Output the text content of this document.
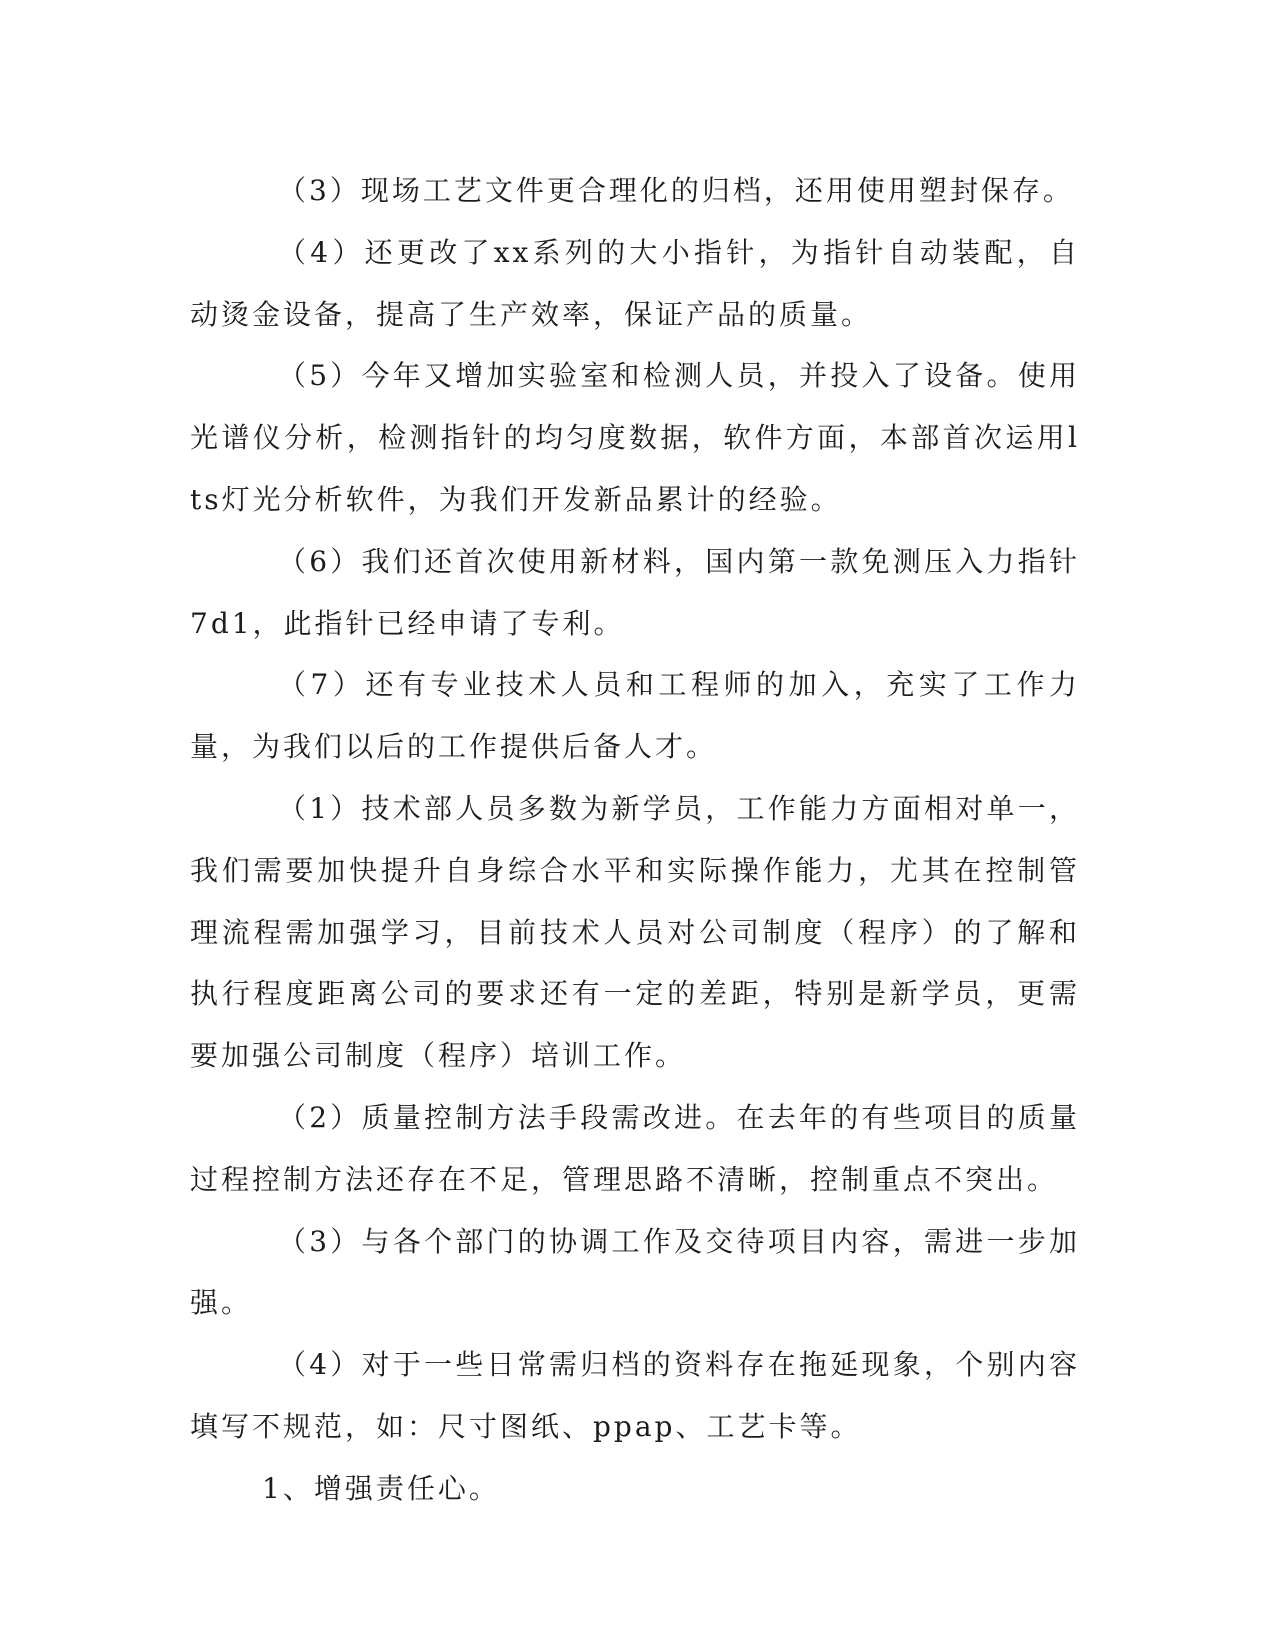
（3）现场工艺文件更合理化的归档，还用使用塑封保存。

（4）还更改了xx系列的大小指针，为指针自动装配，自动烫金设备，提高了生产效率，保证产品的质量。

（5）今年又增加实验室和检测人员，并投入了设备。使用光谱仪分析，检测指针的均匀度数据，软件方面，本部首次运用lts灯光分析软件，为我们开发新品累计的经验。

（6）我们还首次使用新材料，国内第一款免测压入力指针7d1，此指针已经申请了专利。

（7）还有专业技术人员和工程师的加入，充实了工作力量，为我们以后的工作提供后备人才。

（1）技术部人员多数为新学员，工作能力方面相对单一，我们需要加快提升自身综合水平和实际操作能力，尤其在控制管理流程需加强学习，目前技术人员对公司制度（程序）的了解和执行程度距离公司的要求还有一定的差距，特别是新学员，更需要加强公司制度（程序）培训工作。

（2）质量控制方法手段需改进。在去年的有些项目的质量过程控制方法还存在不足，管理思路不清晰，控制重点不突出。

（3）与各个部门的协调工作及交待项目内容，需进一步加强。

（4）对于一些日常需归档的资料存在拖延现象，个别内容填写不规范，如：尺寸图纸、ppap、工艺卡等。

1、增强责任心。
